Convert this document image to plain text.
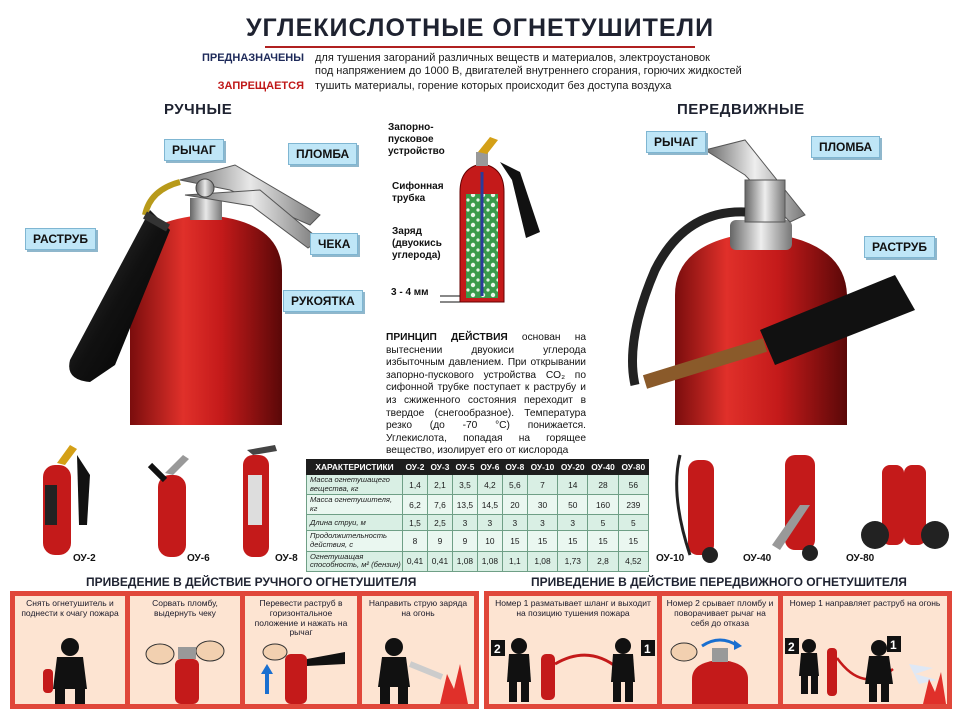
УГЛЕКИСЛОТНЫЕ ОГНЕТУШИТЕЛИ
ПРЕДНАЗНАЧЕНЫ для тушения загораний различных веществ и материалов, электроустановок
под напряжением до 1000 В, двигателей внутреннего сгорания, горючих жидкостей
ЗАПРЕЩАЕТСЯ тушить материалы, горение которых происходит без доступа воздуха
РУЧНЫЕ	ПЕРЕДВИЖНЫЕ
РЫЧАГ	ПЛОМБА
РАСТРУБ	ЧЕКА
РУКОЯТКА
Запорно-
пусковое
устройство
Сифонная
трубка
Заряд
(двуокись
углерода)
3 - 4 мм
ПРИНЦИП ДЕЙСТВИЯ основан на вытеснении двуокиси углерода избыточным давлением. При открывании запорно-пускового устройства CO₂ по сифонной трубке поступает к раструбу и из сжиженного состояния переходит в твердое (снегообразное). Температура резко (до -70 °С) понижается. Углекислота, попадая на горящее вещество, изолирует его от кислорода
РЫЧАГ	ПЛОМБА
РАСТРУБ
ОУ-2	ОУ-6	ОУ-8	ОУ-10	ОУ-40	ОУ-80
ХАРАКТЕРИСТИКИ	ОУ-2	ОУ-3	ОУ-5	ОУ-6	ОУ-8	ОУ-10	ОУ-20	ОУ-40	ОУ-80
Масса огнетушащего вещества, кг	1,4	2,1	3,5	4,2	5,6	7	14	28	56
Масса огнетушителя, кг	6,2	7,6	13,5	14,5	20	30	50	160	239
Длина струи, м	1,5	2,5	3	3	3	3	3	5	5
Продолжительность действия, с	8	9	9	10	15	15	15	15	15
Огнетушащая способность, м² (бензин)	0,41	0,41	1,08	1,08	1,1	1,08	1,73	2,8	4,52
ПРИВЕДЕНИЕ В ДЕЙСТВИЕ РУЧНОГО ОГНЕТУШИТЕЛЯ	ПРИВЕДЕНИЕ В ДЕЙСТВИЕ ПЕРЕДВИЖНОГО ОГНЕТУШИТЕЛЯ
Снять огнетушитель и поднести к очагу пожара
Сорвать пломбу, выдернуть чеку
Перевести раструб в горизонтальное положение и нажать на рычаг
Направить струю заряда на огонь
Номер 1 разматывает шланг и выходит на позицию тушения пожара
2	1
Номер 2 срывает пломбу и поворачивает рычаг на себя до отказа
Номер 1 направляет раструб на огонь
2	1
